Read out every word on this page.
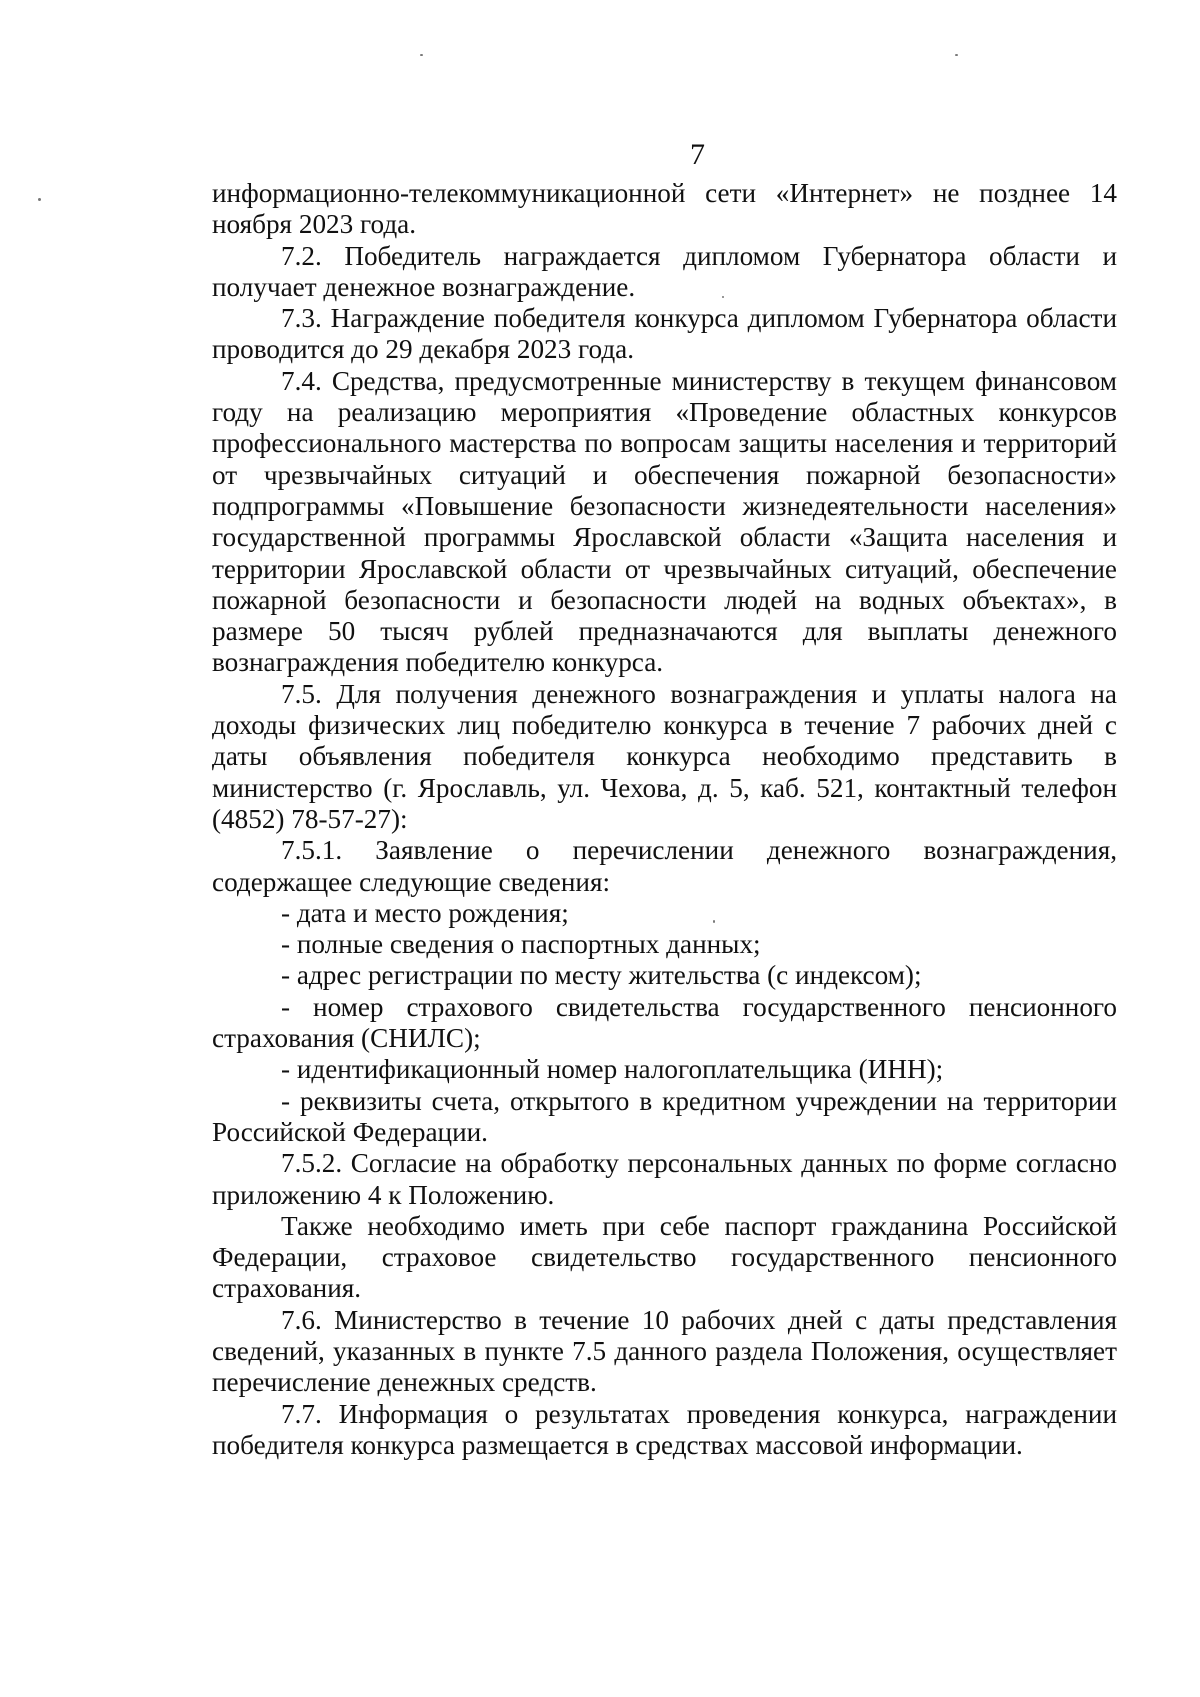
7

информационно-телекоммуникационной сети «Интернет» не позднее 14 ноября 2023 года.

7.2. Победитель награждается дипломом Губернатора области и получает денежное вознаграждение.

7.3. Награждение победителя конкурса дипломом Губернатора области проводится до 29 декабря 2023 года.

7.4. Средства, предусмотренные министерству в текущем финансовом году на реализацию мероприятия «Проведение областных конкурсов профессионального мастерства по вопросам защиты населения и территорий от чрезвычайных ситуаций и обеспечения пожарной безопасности» подпрограммы «Повышение безопасности жизнедеятельности населения» государственной программы Ярославской области «Защита населения и территории Ярославской области от чрезвычайных ситуаций, обеспечение пожарной безопасности и безопасности людей на водных объектах», в размере 50 тысяч рублей предназначаются для выплаты денежного вознаграждения победителю конкурса.

7.5. Для получения денежного вознаграждения и уплаты налога на доходы физических лиц победителю конкурса в течение 7 рабочих дней с даты объявления победителя конкурса необходимо представить в министерство (г. Ярославль, ул. Чехова, д. 5, каб. 521, контактный телефон (4852) 78-57-27):

7.5.1. Заявление о перечислении денежного вознаграждения, содержащее следующие сведения:

- дата и место рождения;

- полные сведения о паспортных данных;

- адрес регистрации по месту жительства (с индексом);

- номер страхового свидетельства государственного пенсионного страхования (СНИЛС);

- идентификационный номер налогоплательщика (ИНН);

- реквизиты счета, открытого в кредитном учреждении на территории Российской Федерации.

7.5.2. Согласие на обработку персональных данных по форме согласно приложению 4 к Положению.

Также необходимо иметь при себе паспорт гражданина Российской Федерации, страховое свидетельство государственного пенсионного страхования.

7.6. Министерство в течение 10 рабочих дней с даты представления сведений, указанных в пункте 7.5 данного раздела Положения, осуществляет перечисление денежных средств.

7.7. Информация о результатах проведения конкурса, награждении победителя конкурса размещается в средствах массовой информации.
